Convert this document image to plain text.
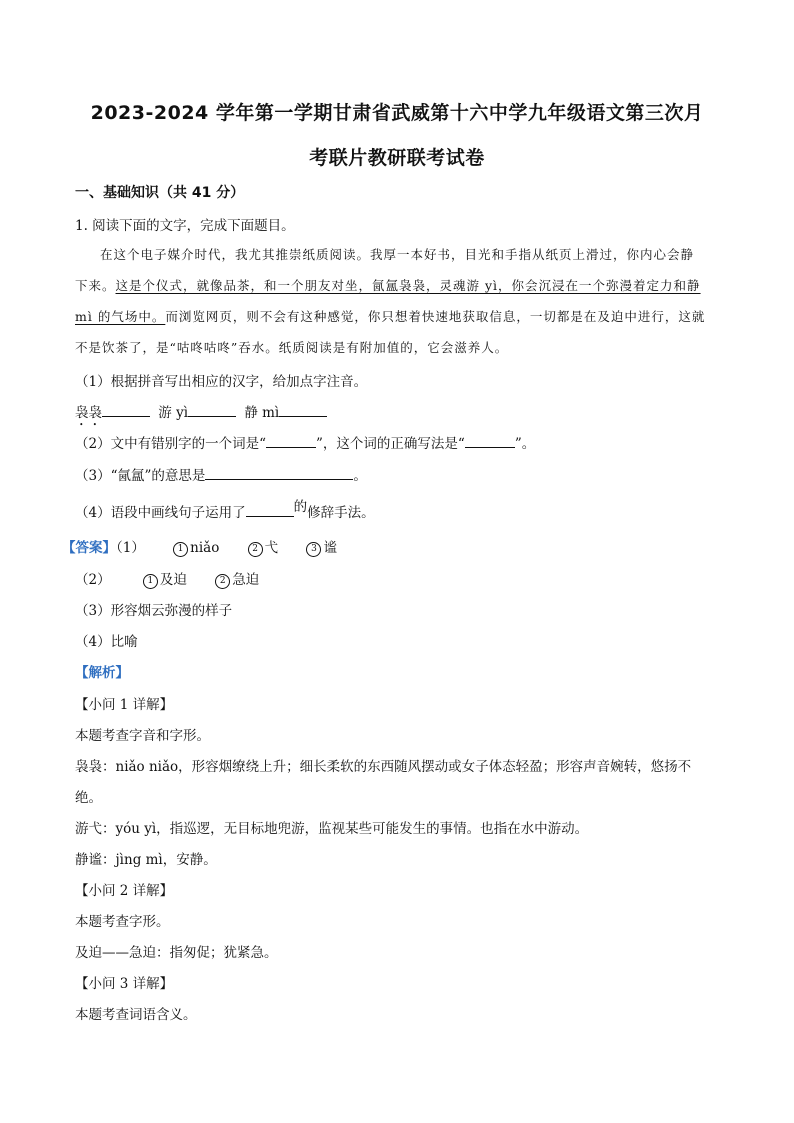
2023-2024 学年第一学期甘肃省武威第十六中学九年级语文第三次月
考联片教研联考试卷
一、基础知识（共 41 分）
1. 阅读下面的文字，完成下面题目。
在这个电子媒介时代，我尤其推崇纸质阅读。我厚一本好书，目光和手指从纸页上滑过，你内心会静
下来。这是个仪式，就像品茶，和一个朋友对坐，氤氲袅袅，灵魂游 yì，你会沉浸在一个弥漫着定力和静
mì 的气场中。而浏览网页，则不会有这种感觉，你只想着快速地获取信息，一切都是在及迫中进行，这就
不是饮茶了，是“咕咚咕咚”吞水。纸质阅读是有附加值的，它会滋养人。
（1）根据拼音写出相应的汉字，给加点字注音。
袅袅	游 yì	静 mì
（2）文中有错别字的一个词是“	”，这个词的正确写法是“	”。
（3）“氤氲”的意思是	。
（4）语段中画线句子运用了	的修辞手法。
【答案】（1）	1 niǎo	2 弋	3 谧
（2）	1 及迫	2 急迫
（3）形容烟云弥漫的样子
（4）比喻
【解析】
【小问 1 详解】
本题考查字音和字形。
袅袅：niǎo niǎo，形容烟缭绕上升；细长柔软的东西随风摆动或女子体态轻盈；形容声音婉转，悠扬不
绝。
游弋：yóu yì，指巡逻，无目标地兜游，监视某些可能发生的事情。也指在水中游动。
静谧：jìng mì，安静。
【小问 2 详解】
本题考查字形。
及迫——急迫：指匆促；犹紧急。
【小问 3 详解】
本题考查词语含义。
